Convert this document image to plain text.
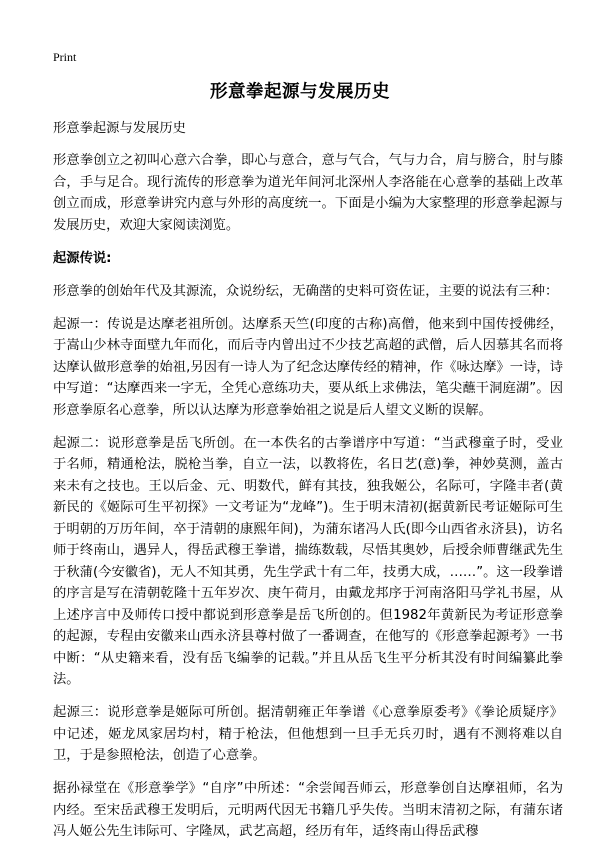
Print
形意拳起源与发展历史

形意拳起源与发展历史

形意拳创立之初叫心意六合拳，即心与意合，意与气合，气与力合，肩与膀合，肘与膝合，手与足合。现行流传的形意拳为道光年间河北深州人李洛能在心意拳的基础上改革创立而成，形意拳讲究内意与外形的高度统一。下面是小编为大家整理的形意拳起源与发展历史，欢迎大家阅读浏览。

起源传说:

形意拳的创始年代及其源流，众说纷纭，无确凿的史料可资佐证，主要的说法有三种：

起源一：传说是达摩老祖所创。达摩系天竺(印度的古称)高僧，他来到中国传授佛经，于嵩山少林寺面壁九年而化，而后寺内曾出过不少技艺高超的武僧，后人因慕其名而将达摩认做形意拳的始祖,另因有一诗人为了纪念达摩传经的精神，作《咏达摩》一诗，诗中写道：“达摩西来一字无，全凭心意练功夫，要从纸上求佛法，笔尖蘸干洞庭湖”。因形意拳原名心意拳，所以认达摩为形意拳始祖之说是后人望文义断的误解。

起源二：说形意拳是岳飞所创。在一本佚名的古拳谱序中写道：“当武穆童子时，受业于名师，精通枪法，脱枪当拳，自立一法，以教将佐，名日艺(意)拳，神妙莫测，盖古来未有之技也。王以后金、元、明数代，鲜有其技，独我姬公，名际可，字隆丰者(黄新民的《姬际可生平初探》一文考证为“龙峰”)。生于明末清初(据黄新民考证姬际可生于明朝的万历年间，卒于清朝的康熙年间)，为蒲东诸冯人氏(即今山西省永济县)，访名师于终南山，遇异人，得岳武穆王拳谱，揣练数载，尽悟其奥妙，后授余师曹继武先生于秋蒲(今安徽省)，无人不知其勇，先生学武十有二年，技勇大成，……”。这一段拳谱的序言是写在清朝乾隆十五年岁次、庚午荷月，由戴龙邦序于河南洛阳马学礼书屋，从上述序言中及师传口授中都说到形意拳是岳飞所创的。但1982年黄新民为考证形意拳的起源，专程由安徽来山西永济县尊村做了一番调查，在他写的《形意拳起源考》一书中断：“从史籍来看，没有岳飞编拳的记载。”并且从岳飞生平分析其没有时间编纂此拳法。

起源三：说形意拳是姬际可所创。据清朝雍正年拳谱《心意拳原委考》《拳论质疑序》中记述，姬龙凤家居均村，精于枪法，但他想到一旦手无兵刃时，遇有不测将难以自卫，于是参照枪法，创造了心意拳。

据孙禄堂在《形意拳学》“自序”中所述：“余尝闻吾师云，形意拳创自达摩祖师，名为内经。至宋岳武穆王发明后，元明两代因无书籍几乎失传。当明末清初之际，有蒲东诸冯人姬公先生讳际可、字隆凤，武艺高超，经历有年，适终南山得岳武穆
